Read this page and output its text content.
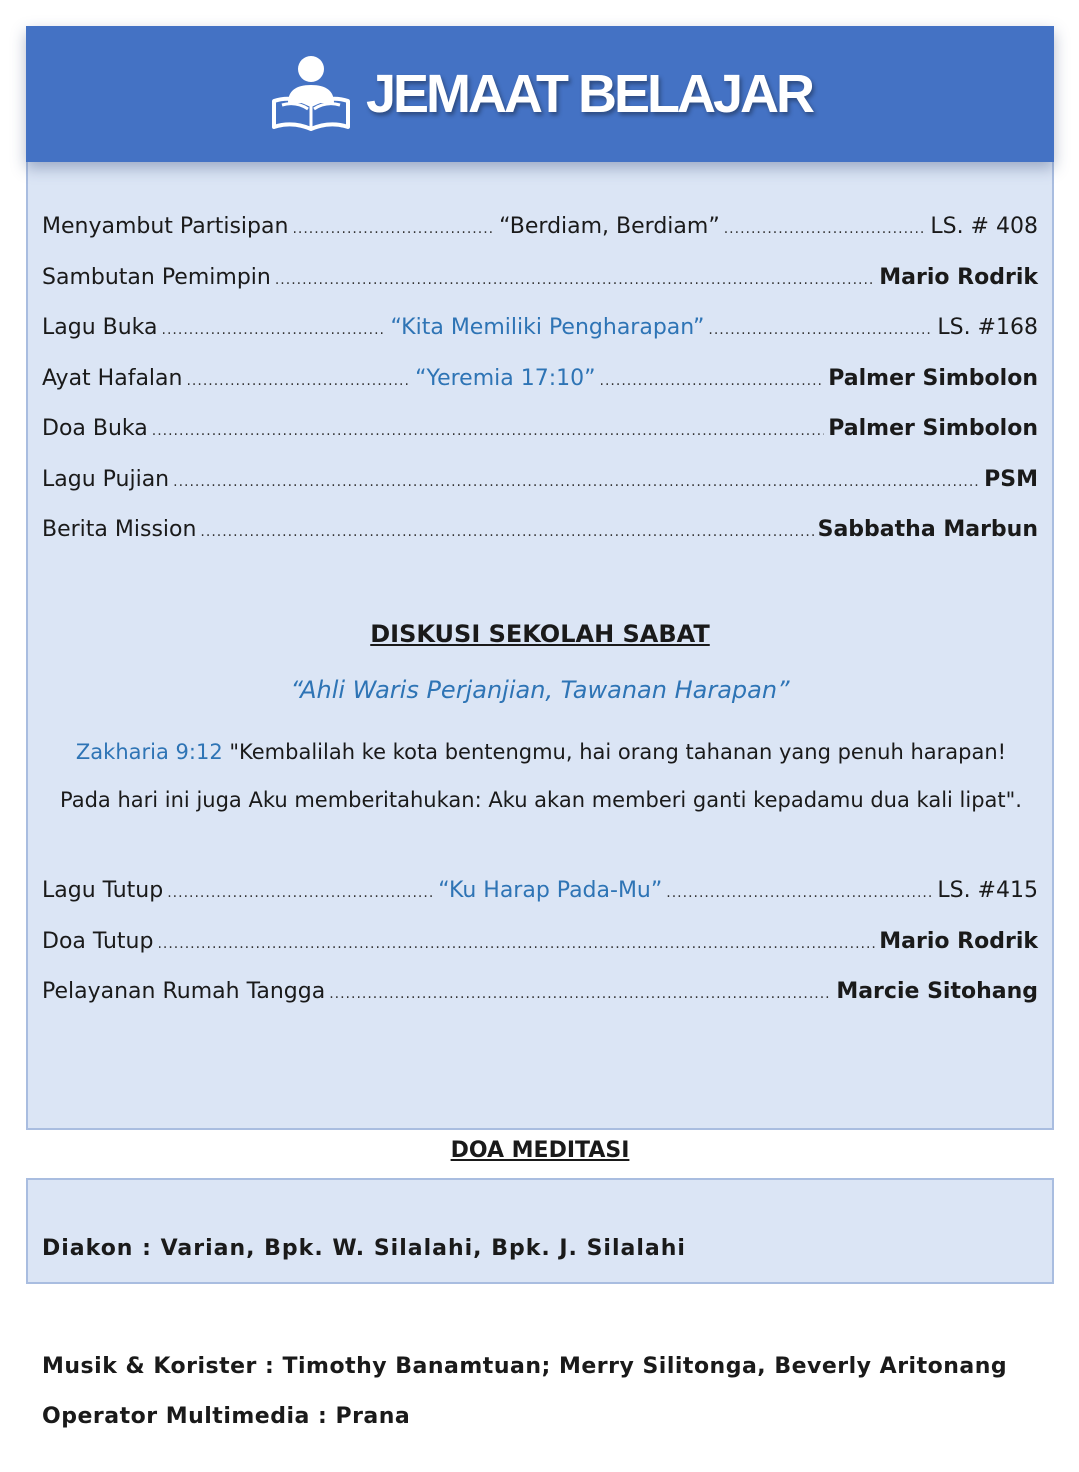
JEMAAT BELAJAR
Menyambut Partisipan .....	“Berdiam, Berdiam” .....	LS. # 408
Sambutan Pemimpin .....	Mario Rodrik
Lagu Buka .....	“Kita Memiliki Pengharapan” .....	LS. #168
Ayat Hafalan .....	“Yeremia 17:10” .....	Palmer Simbolon
Doa Buka .....	Palmer Simbolon
Lagu Pujian .....	PSM
Berita Mission .....	Sabbatha Marbun
DISKUSI SEKOLAH SABAT
“Ahli Waris Perjanjian, Tawanan Harapan”
Zakharia 9:12 "Kembalilah ke kota bentengmu, hai orang tahanan yang penuh harapan! Pada hari ini juga Aku memberitahukan: Aku akan memberi ganti kepadamu dua kali lipat".
Lagu Tutup .....	“Ku Harap Pada-Mu” .....	LS. #415
Doa Tutup .....	Mario Rodrik
Pelayanan Rumah Tangga .....	Marcie Sitohang
DOA MEDITASI
Diakon : Varian, Bpk. W. Silalahi, Bpk. J. Silalahi
Musik & Korister : Timothy Banamtuan; Merry Silitonga, Beverly Aritonang
Operator Multimedia : Prana
